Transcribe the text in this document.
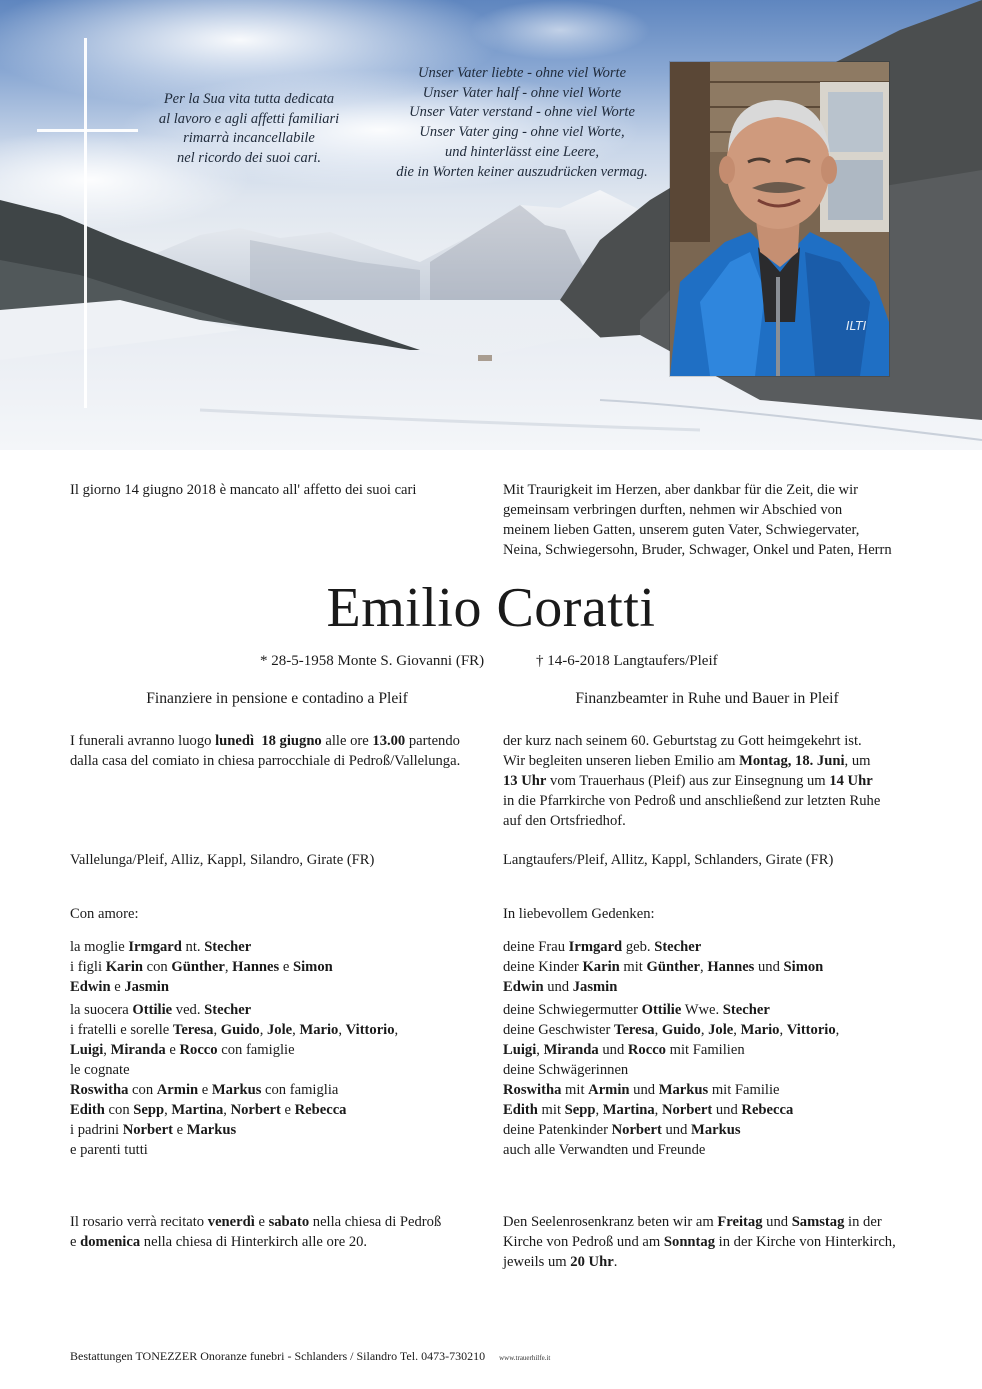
Per la Sua vita tutta dedicata
al lavoro e agli affetti familiari
rimarrà incancellabile
nel ricordo dei suoi cari.
Unser Vater liebte - ohne viel Worte
Unser Vater half - ohne viel Worte
Unser Vater verstand - ohne viel Worte
Unser Vater ging - ohne viel Worte,
und hinterlässt eine Leere,
die in Worten keiner auszudrücken vermag.
ILTI
Il giorno 14 giugno 2018 è mancato all' affetto dei suoi cari	Mit Traurigkeit im Herzen, aber dankbar für die Zeit, die wir
gemeinsam verbringen durften, nehmen wir Abschied von
meinem lieben Gatten, unserem guten Vater, Schwiegervater,
Neina, Schwiegersohn, Bruder, Schwager, Onkel und Paten, Herrn
Emilio Coratti
* 28-5-1958 Monte S. Giovanni (FR)	† 14-6-2018 Langtaufers/Pleif
Finanziere in pensione e contadino a Pleif	Finanzbeamter in Ruhe und Bauer in Pleif
I funerali avranno luogo lunedì 18 giugno alle ore 13.00 partendo
dalla casa del comiato in chiesa parrocchiale di Pedroß/Vallelunga.
der kurz nach seinem 60. Geburtstag zu Gott heimgekehrt ist.
Wir begleiten unseren lieben Emilio am Montag, 18. Juni, um
13 Uhr vom Trauerhaus (Pleif) aus zur Einsegnung um 14 Uhr
in die Pfarrkirche von Pedroß und anschließend zur letzten Ruhe
auf den Ortsfriedhof.
Vallelunga/Pleif, Alliz, Kappl, Silandro, Girate (FR)	Langtaufers/Pleif, Allitz, Kappl, Schlanders, Girate (FR)
Con amore:	In liebevollem Gedenken:
la moglie Irmgard nt. Stecher
i figli Karin con Günther, Hannes e Simon
Edwin e Jasmin
la suocera Ottilie ved. Stecher
i fratelli e sorelle Teresa, Guido, Jole, Mario, Vittorio,
Luigi, Miranda e Rocco con famiglie
le cognate
Roswitha con Armin e Markus con famiglia
Edith con Sepp, Martina, Norbert e Rebecca
i padrini Norbert e Markus
e parenti tutti
deine Frau Irmgard geb. Stecher
deine Kinder Karin mit Günther, Hannes und Simon
Edwin und Jasmin
deine Schwiegermutter Ottilie Wwe. Stecher
deine Geschwister Teresa, Guido, Jole, Mario, Vittorio,
Luigi, Miranda und Rocco mit Familien
deine Schwägerinnen
Roswitha mit Armin und Markus mit Familie
Edith mit Sepp, Martina, Norbert und Rebecca
deine Patenkinder Norbert und Markus
auch alle Verwandten und Freunde
Il rosario verrà recitato venerdì e sabato nella chiesa di Pedroß
e domenica nella chiesa di Hinterkirch alle ore 20.
Den Seelenrosenkranz beten wir am Freitag und Samstag in der
Kirche von Pedroß und am Sonntag in der Kirche von Hinterkirch,
jeweils um 20 Uhr.
Bestattungen TONEZZER Onoranze funebri - Schlanders / Silandro Tel. 0473-730210 www.trauerhilfe.it
